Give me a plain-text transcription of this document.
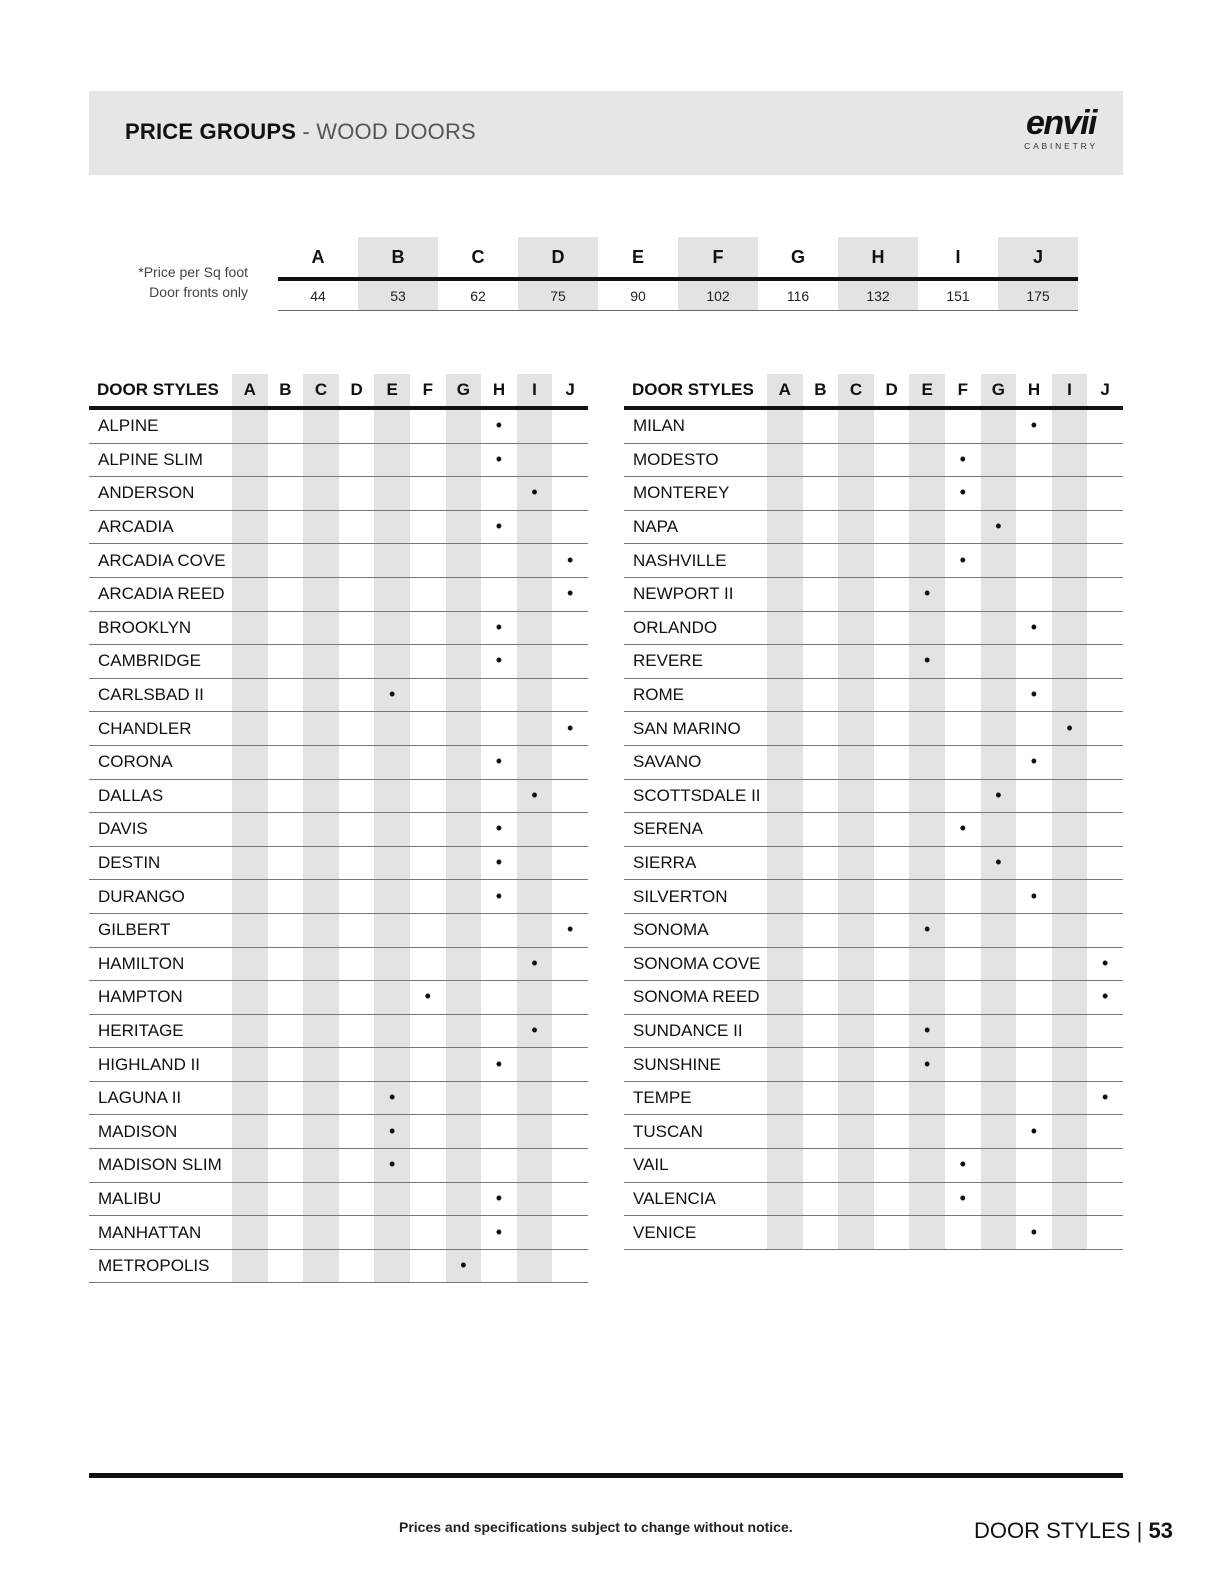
PRICE GROUPS - WOOD DOORS	envii
CABINETRY
*Price per Sq foot
Door fronts only
A	B	C	D	E	F	G	H	I	J
44	53	62	75	90	102	116	132	151	175
DOOR STYLES	A	B	C	D	E	F	G	H	I	J
ALPINE								•		
ALPINE SLIM								•		
ANDERSON									•	
ARCADIA								•		
ARCADIA COVE										•
ARCADIA REED										•
BROOKLYN								•		
CAMBRIDGE								•		
CARLSBAD II					•					
CHANDLER										•
CORONA								•		
DALLAS									•	
DAVIS								•		
DESTIN								•		
DURANGO								•		
GILBERT										•
HAMILTON									•	
HAMPTON						•				
HERITAGE									•	
HIGHLAND II								•		
LAGUNA II					•					
MADISON					•					
MADISON SLIM					•					
MALIBU								•		
MANHATTAN								•		
METROPOLIS							•			
DOOR STYLES	A	B	C	D	E	F	G	H	I	J
MILAN								•		
MODESTO						•				
MONTEREY						•				
NAPA							•			
NASHVILLE						•				
NEWPORT II					•					
ORLANDO								•		
REVERE					•					
ROME								•		
SAN MARINO									•	
SAVANO								•		
SCOTTSDALE II							•			
SERENA						•				
SIERRA							•			
SILVERTON								•		
SONOMA					•					
SONOMA COVE										•
SONOMA REED										•
SUNDANCE II					•					
SUNSHINE					•					
TEMPE										•
TUSCAN								•		
VAIL						•				
VALENCIA						•				
VENICE								•		
Prices and specifications subject to change without notice.	DOOR STYLES | 53
